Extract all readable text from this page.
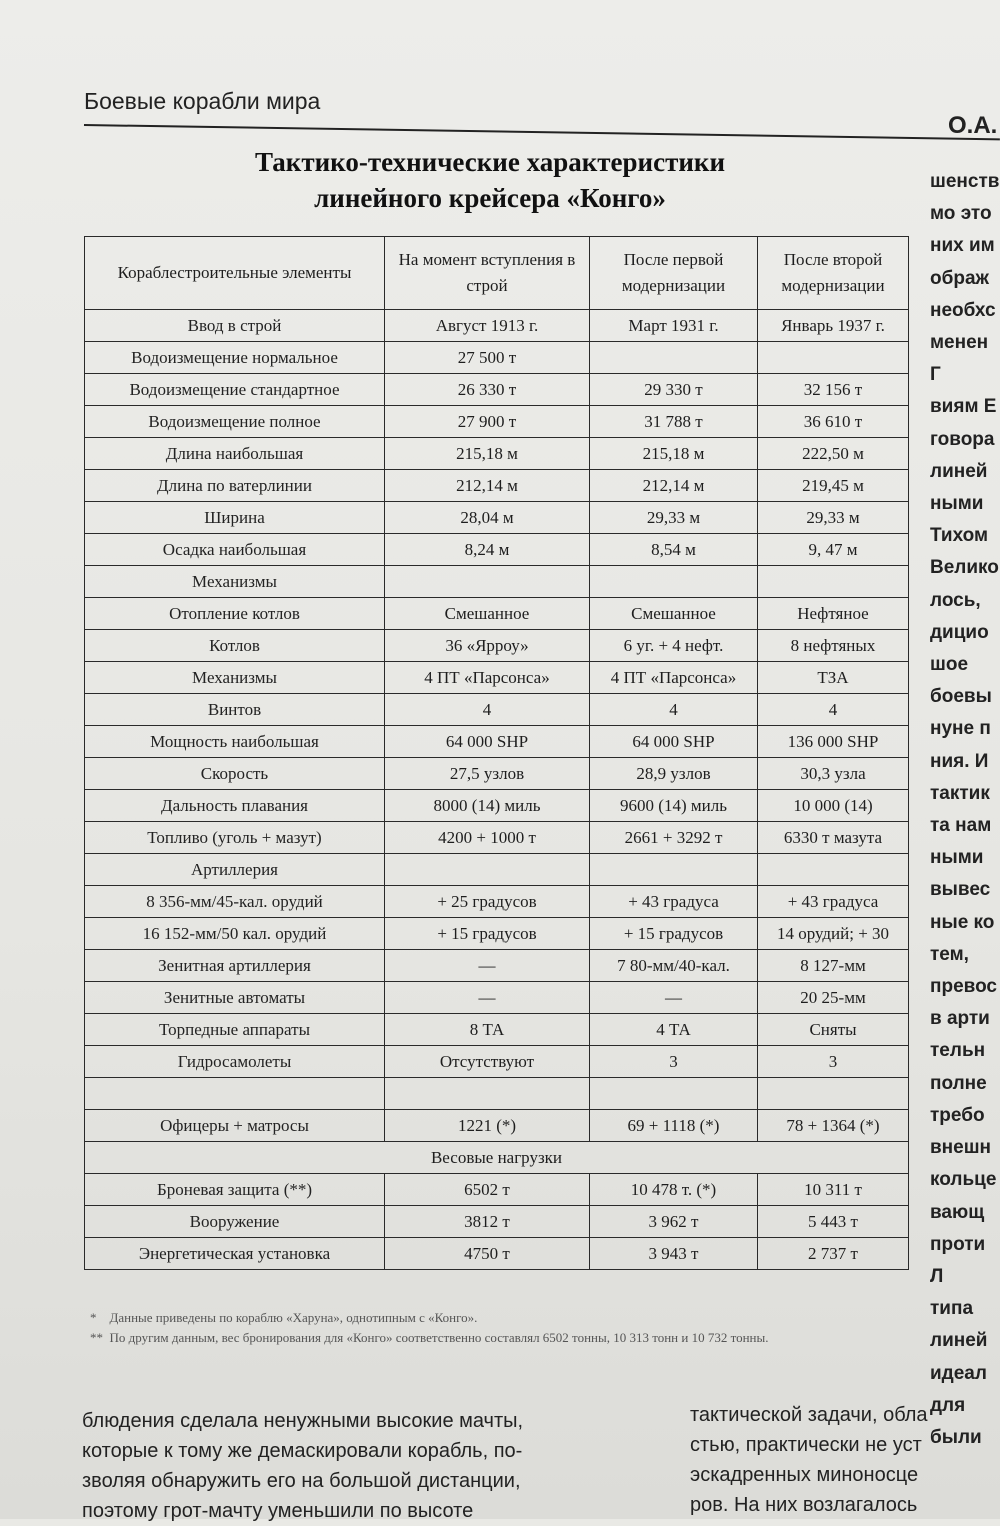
Боевые корабли мира
О.А.
Тактико-технические характеристики
линейного крейсера «Конго»
Кораблестроительные элементы	На момент вступления в строй	После первой модернизации	После второй модернизации
Ввод в строй	Август 1913 г.	Март 1931 г.	Январь 1937 г.
Водоизмещение нормальное	27 500 т		
Водоизмещение стандартное	26 330 т	29 330 т	32 156 т
Водоизмещение полное	27 900 т	31 788 т	36 610 т
Длина наибольшая	215,18 м	215,18 м	222,50 м
Длина по ватерлинии	212,14 м	212,14 м	219,45 м
Ширина	28,04 м	29,33 м	29,33 м
Осадка наибольшая	8,24 м	8,54 м	9, 47 м
Механизмы			
Отопление котлов	Смешанное	Смешанное	Нефтяное
Котлов	36 «Ярроу»	6 уг. + 4 нефт.	8 нефтяных
Механизмы	4 ПТ «Парсонса»	4 ПТ «Парсонса»	ТЗА
Винтов	4	4	4
Мощность наибольшая	64 000 SHP	64 000 SHP	136 000 SHP
Скорость	27,5 узлов	28,9 узлов	30,3 узла
Дальность плавания	8000 (14) миль	9600 (14) миль	10 000 (14)
Топливо (уголь + мазут)	4200 + 1000 т	2661 + 3292 т	6330 т мазута
Артиллерия			
8 356-мм/45-кал. орудий	+ 25 градусов	+ 43 градуса	+ 43 градуса
16 152-мм/50 кал. орудий	+ 15 градусов	+ 15 градусов	14 орудий; + 30
Зенитная артиллерия	—	7 80-мм/40-кал.	8 127-мм
Зенитные автоматы	—	—	20 25-мм
Торпедные аппараты	8 ТА	4 ТА	Сняты
Гидросамолеты	Отсутствуют	3	3

Офицеры + матросы	1221 (*)	69 + 1118 (*)	78 + 1364 (*)
Весовые нагрузки			
Броневая защита (**)	6502 т	10 478 т. (*)	10 311 т
Вооружение	3812 т	3 962 т	5 443 т
Энергетическая установка	4750 т	3 943 т	2 737 т
* Данные приведены по кораблю «Харуна», однотипным с «Конго».
** По другим данным, вес бронирования для «Конго» соответственно составлял 6502 тонны, 10 313 тонн и 10 732 тонны.
шенств
мо это
них им
ображ
необхс
менен
Г
виям Е
говора
линей
ными
Тихом
Велико
лось,
дицио
шое
боевы
нуне п
ния. И
тактик
та нам
ными
вывес
ные ко
тем,
превос
в арти
тельн
полне
требо
внешн
кольце
вающ
проти
Л
типа
линей
идеал
для
были
блюдения сделала ненужными высокие мачты,
которые к тому же демаскировали корабль, по-
зволяя обнаружить его на большой дистанции,
поэтому грот-мачту уменьшили по высоте
тактической задачи, обла
стью, практически не уст
эскадренных миноносце
ров. На них возлагалось
